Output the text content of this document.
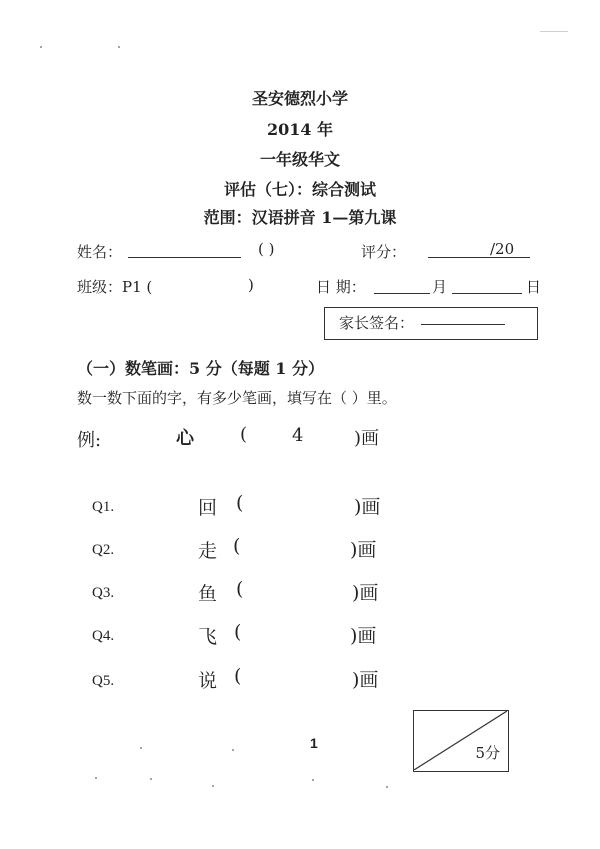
圣安德烈小学
2014 年
一年级华文
评估（七）：综合测试
范围：汉语拼音 1—第九课
姓名：	( )	评分：	/20
班级：P1 (	)	日 期：	月	日
家长签名：
（一）数笔画：5 分（每题 1 分）
数一数下面的字，有多少笔画，填写在（ ）里。
例:	心	( 4	)画
Q1.	回 (	)画
Q2.	走 (	)画
Q3.	鱼 (	)画
Q4.	飞 (	)画
Q5.	说 (	)画
1
5分
